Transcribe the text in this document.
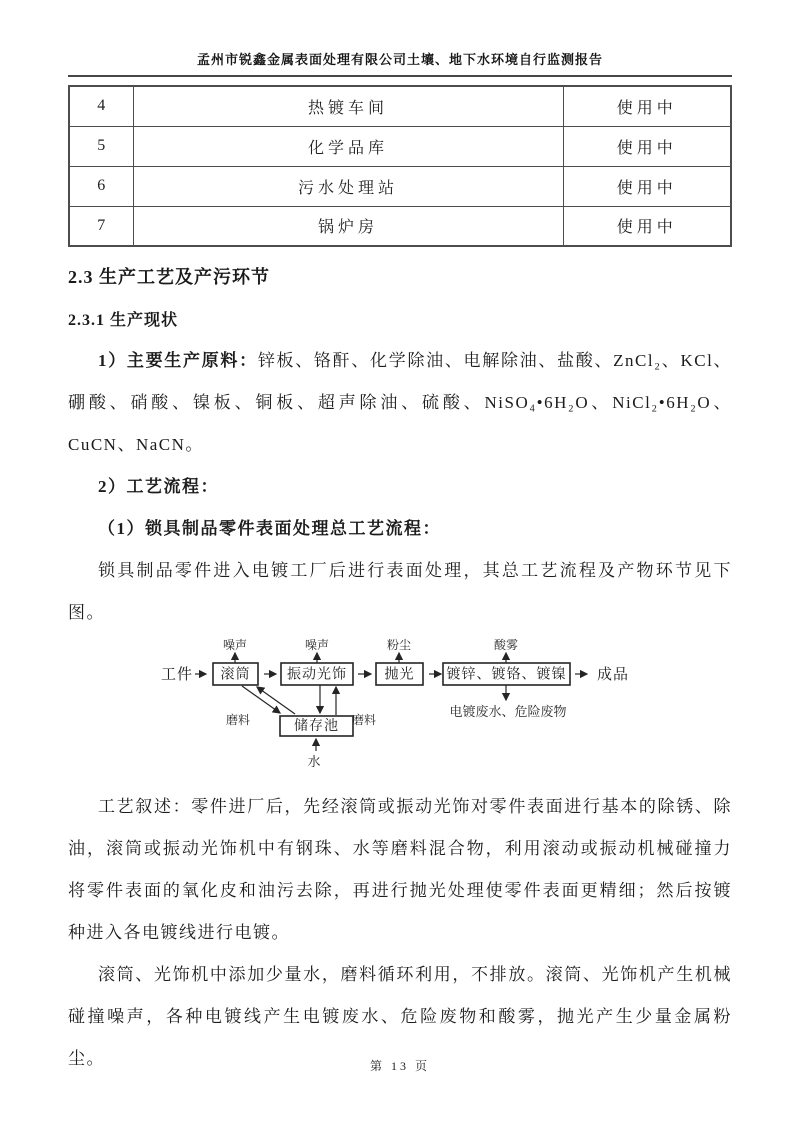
孟州市锐鑫金属表面处理有限公司土壤、地下水环境自行监测报告
4	热镀车间	使用中
5	化学品库	使用中
6	污水处理站	使用中
7	锅炉房	使用中
2.3 生产工艺及产污环节
2.3.1 生产现状

1）主要生产原料：锌板、铬酐、化学除油、电解除油、盐酸、ZnCl₂、KCl、硼酸、硝酸、镍板、铜板、超声除油、硫酸、NiSO₄•6H₂O、NiCl₂•6H₂O、CuCN、NaCN。

2）工艺流程：

（1）锁具制品零件表面处理总工艺流程：

锁具制品零件进入电镀工厂后进行表面处理，其总工艺流程及产物环节见下图。

工件 滚筒	振动光饰	抛光 镀锌、镀铬、镀镍 成品
噪声	噪声	粉尘	酸雾
储存池
磨料	磨料
水
电镀废水、危险废物

工艺叙述：零件进厂后，先经滚筒或振动光饰对零件表面进行基本的除锈、除油，滚筒或振动光饰机中有钢珠、水等磨料混合物，利用滚动或振动机械碰撞力将零件表面的氧化皮和油污去除，再进行抛光处理使零件表面更精细；然后按镀种进入各电镀线进行电镀。

滚筒、光饰机中添加少量水，磨料循环利用，不排放。滚筒、光饰机产生机械碰撞噪声，各种电镀线产生电镀废水、危险废物和酸雾，抛光产生少量金属粉尘。	第 13 页
